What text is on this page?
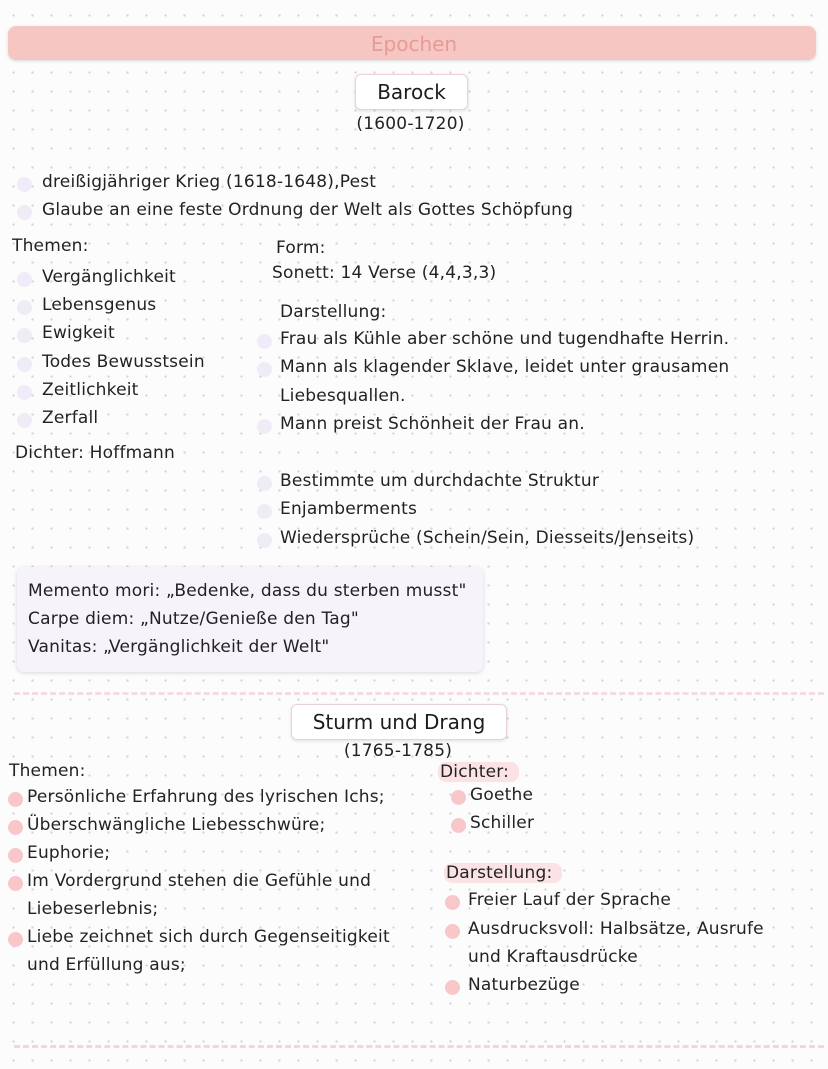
Epochen
Barock
(1600-1720)
dreißigjähriger Krieg (1618-1648),Pest
Glaube an eine feste Ordnung der Welt als Gottes Schöpfung
Themen:
Vergänglichkeit
Lebensgenus
Ewigkeit
Todes Bewusstsein
Zeitlichkeit
Zerfall
Dichter: Hoffmann
Form:
Sonett: 14 Verse (4,4,3,3)
Darstellung:
Frau als Kühle aber schöne und tugendhafte Herrin.
Mann als klagender Sklave, leidet unter grausamen
Liebesquallen.
Mann preist Schönheit der Frau an.
Bestimmte um durchdachte Struktur
Enjamberments
Wiedersprüche (Schein/Sein, Diesseits/Jenseits)
Memento mori: „Bedenke, dass du sterben musst"
Carpe diem: „Nutze/Genieße den Tag"
Vanitas: „Vergänglichkeit der Welt"
Sturm und Drang
(1765-1785)
Themen:
Persönliche Erfahrung des lyrischen Ichs;
Überschwängliche Liebesschwüre;
Euphorie;
Im Vordergrund stehen die Gefühle und
Liebeserlebnis;
Liebe zeichnet sich durch Gegenseitigkeit
und Erfüllung aus;
Dichter:
Goethe
Schiller
Darstellung:
Freier Lauf der Sprache
Ausdrucksvoll: Halbsätze, Ausrufe
und Kraftausdrücke
Naturbezüge
